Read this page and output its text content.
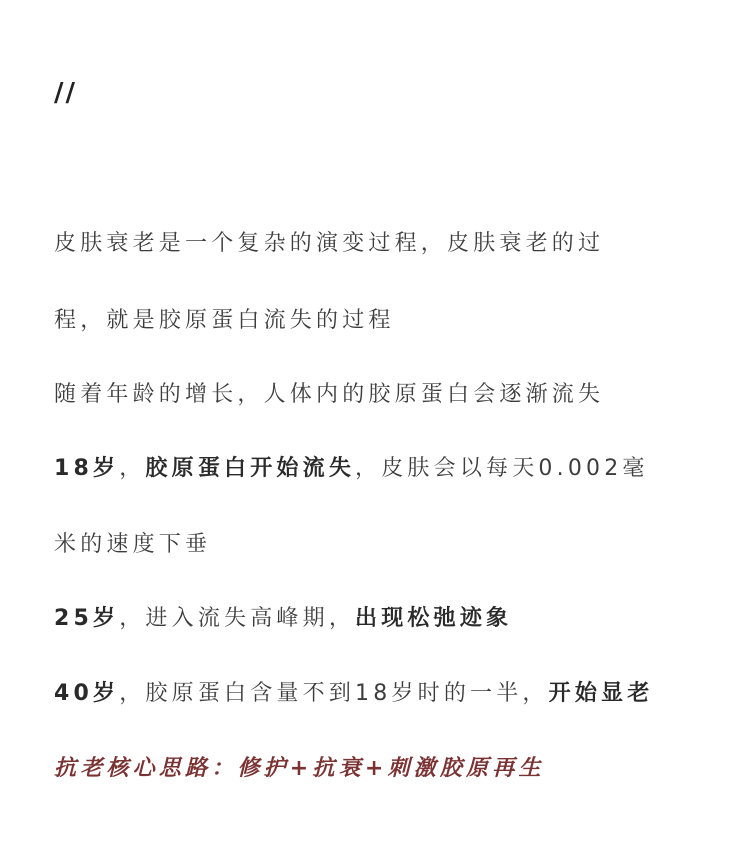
//
皮肤衰老是一个复杂的演变过程，皮肤衰老的过
程，就是胶原蛋白流失的过程
随着年龄的增长，人体内的胶原蛋白会逐渐流失
18岁，胶原蛋白开始流失，皮肤会以每天0.002毫
米的速度下垂
25岁，进入流失高峰期，出现松弛迹象
40岁，胶原蛋白含量不到18岁时的一半，开始显老
抗老核心思路：修护+抗衰+刺激胶原再生
